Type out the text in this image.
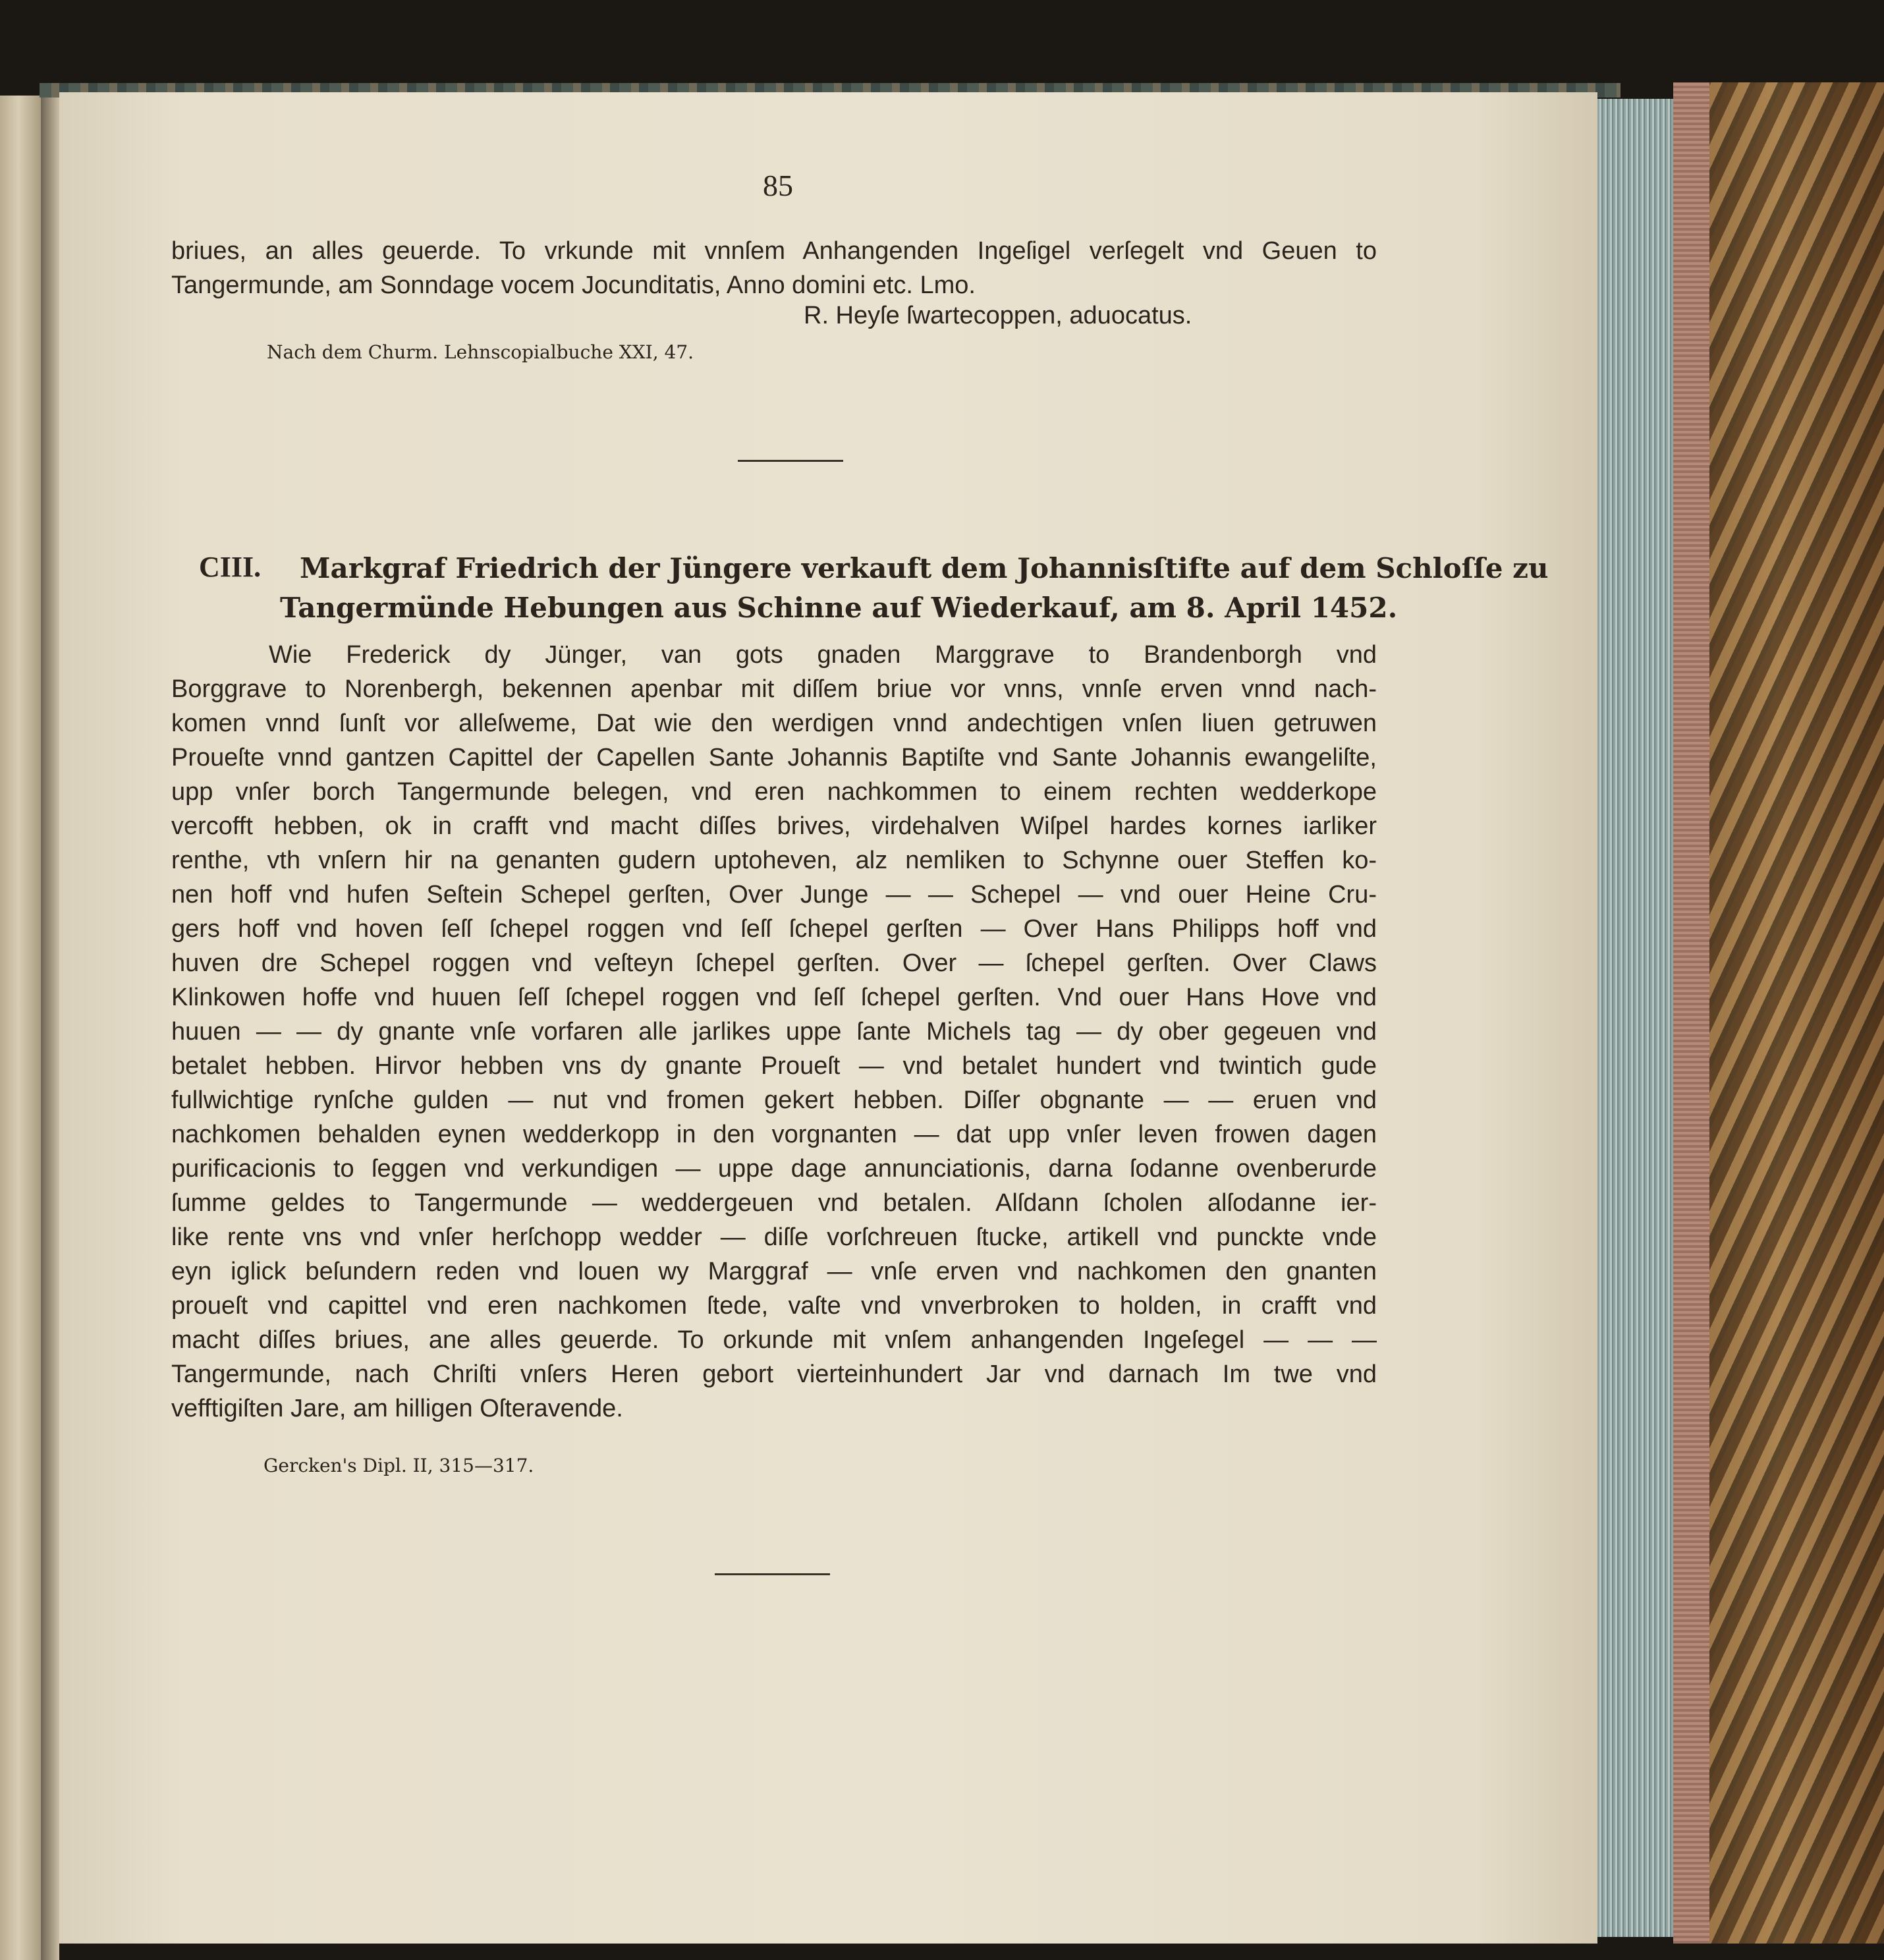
85
briues, an alles geuerde. To vrkunde mit vnnſem Anhangenden Ingeſigel verſegelt vnd Geuen to
Tangermunde, am Sonndage vocem Jocunditatis, Anno domini etc. Lmo.
R. Heyſe ſwartecoppen, aduocatus.
Nach dem Churm. Lehnscopialbuche XXI, 47.
CIII. Markgraf Friedrich der Jüngere verkauft dem Johannisſtifte auf dem Schloſſe zu
Tangermünde Hebungen aus Schinne auf Wiederkauf, am 8. April 1452.
Wie Frederick dy Jünger, van gots gnaden Marggrave to Brandenborgh vnd
Borggrave to Norenbergh, bekennen apenbar mit diſſem briue vor vnns, vnnſe erven vnnd nach-
komen vnnd ſunſt vor alleſweme, Dat wie den werdigen vnnd andechtigen vnſen liuen getruwen
Proueſte vnnd gantzen Capittel der Capellen Sante Johannis Baptiſte vnd Sante Johannis ewangeliſte,
upp vnſer borch Tangermunde belegen, vnd eren nachkommen to einem rechten wedderkope
vercofft hebben, ok in crafft vnd macht diſſes brives, virdehalven Wiſpel hardes kornes iarliker
renthe, vth vnſern hir na genanten gudern uptoheven, alz nemliken to Schynne ouer Steffen ko-
nen hoff vnd hufen Seſtein Schepel gerſten, Over Junge — — Schepel — vnd ouer Heine Cru-
gers hoff vnd hoven ſeſſ ſchepel roggen vnd ſeſſ ſchepel gerſten — Over Hans Philipps hoff vnd
huven dre Schepel roggen vnd veſteyn ſchepel gerſten. Over — ſchepel gerſten. Over Claws
Klinkowen hoffe vnd huuen ſeſſ ſchepel roggen vnd ſeſſ ſchepel gerſten. Vnd ouer Hans Hove vnd
huuen — — dy gnante vnſe vorfaren alle jarlikes uppe ſante Michels tag — dy ober gegeuen vnd
betalet hebben. Hirvor hebben vns dy gnante Proueſt — vnd betalet hundert vnd twintich gude
fullwichtige rynſche gulden — nut vnd fromen gekert hebben. Diſſer obgnante — — eruen vnd
nachkomen behalden eynen wedderkopp in den vorgnanten — dat upp vnſer leven frowen dagen
purificacionis to ſeggen vnd verkundigen — uppe dage annunciationis, darna ſodanne ovenberurde
ſumme geldes to Tangermunde — weddergeuen vnd betalen. Alſdann ſcholen alſodanne ier-
like rente vns vnd vnſer herſchopp wedder — diſſe vorſchreuen ſtucke, artikell vnd punckte vnde
eyn iglick beſundern reden vnd louen wy Marggraf — vnſe erven vnd nachkomen den gnanten
proueſt vnd capittel vnd eren nachkomen ſtede, vaſte vnd vnverbroken to holden, in crafft vnd
macht diſſes briues, ane alles geuerde. To orkunde mit vnſem anhangenden Ingeſegel — — —
Tangermunde, nach Chriſti vnſers Heren gebort vierteinhundert Jar vnd darnach Im twe vnd
vefftigiſten Jare, am hilligen Oſteravende.
Gercken's Dipl. II, 315—317.
